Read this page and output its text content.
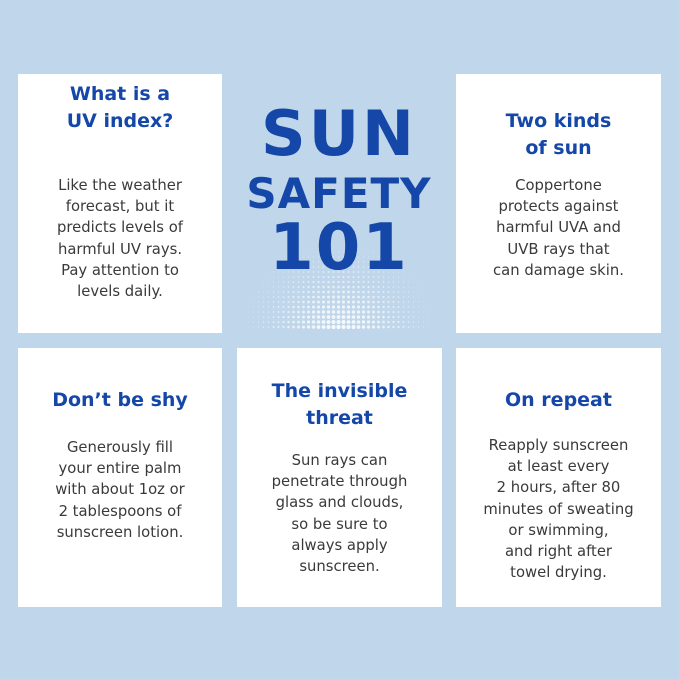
SUN
SAFETY
101
What is a
UV index?
Like the weather
forecast, but it
predicts levels of
harmful UV rays.
Pay attention to
levels daily.
Two kinds
of sun
Coppertone
protects against
harmful UVA and
UVB rays that
can damage skin.
Don’t be shy
Generously fill
your entire palm
with about 1oz or
2 tablespoons of
sunscreen lotion.
The invisible
threat
Sun rays can
penetrate through
glass and clouds,
so be sure to
always apply
sunscreen.
On repeat
Reapply sunscreen
at least every
2 hours, after 80
minutes of sweating
or swimming,
and right after
towel drying.
